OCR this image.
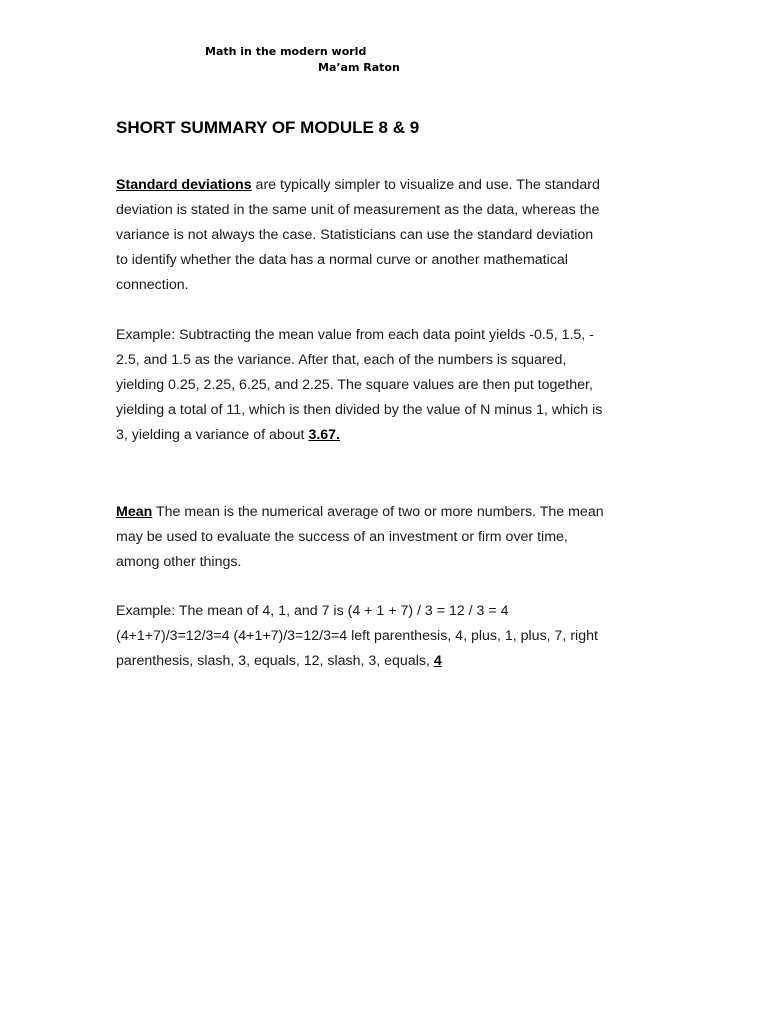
Math in the modern world
Ma’am Raton
SHORT SUMMARY OF MODULE 8 & 9
Standard deviations are typically simpler to visualize and use. The standard
deviation is stated in the same unit of measurement as the data, whereas the
variance is not always the case. Statisticians can use the standard deviation
to identify whether the data has a normal curve or another mathematical
connection.
Example: Subtracting the mean value from each data point yields -0.5, 1.5, -
2.5, and 1.5 as the variance. After that, each of the numbers is squared,
yielding 0.25, 2.25, 6.25, and 2.25. The square values are then put together,
yielding a total of 11, which is then divided by the value of N minus 1, which is
3, yielding a variance of about 3.67.
Mean The mean is the numerical average of two or more numbers. The mean
may be used to evaluate the success of an investment or firm over time,
among other things.
Example: The mean of 4, 1, and 7 is (4 + 1 + 7) / 3 = 12 / 3 = 4
(4+1+7)/3=12/3=4 (4+1+7)/3=12/3=4 left parenthesis, 4, plus, 1, plus, 7, right
parenthesis, slash, 3, equals, 12, slash, 3, equals, 4
